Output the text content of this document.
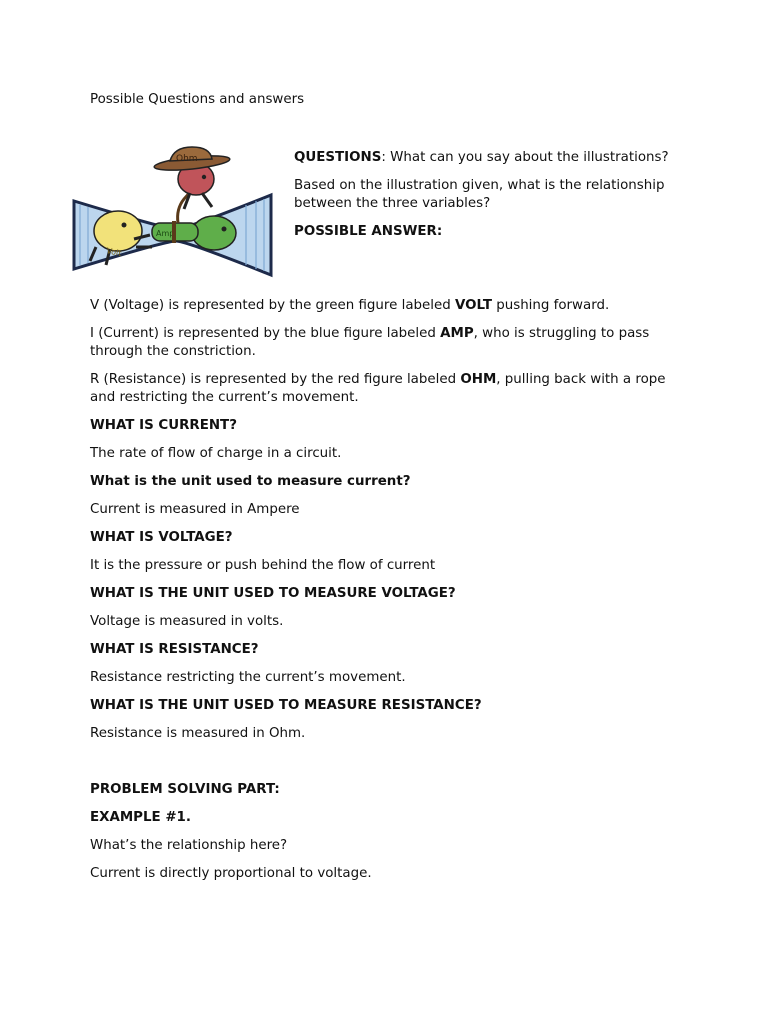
Possible Questions and answers
Volt
Amp
Ohm	QUESTIONS: What can you say about the illustrations?

Based on the illustration given, what is the relationship between the three variables?

POSSIBLE ANSWER:

V (Voltage) is represented by the green figure labeled VOLT pushing forward.

I (Current) is represented by the blue figure labeled AMP, who is struggling to pass through the constriction.

R (Resistance) is represented by the red figure labeled OHM, pulling back with a rope and restricting the current’s movement.

WHAT IS CURRENT?

The rate of flow of charge in a circuit.

What is the unit used to measure current?

Current is measured in Ampere

WHAT IS VOLTAGE?

It is the pressure or push behind the flow of current

WHAT IS THE UNIT USED TO MEASURE VOLTAGE?

Voltage is measured in volts.

WHAT IS RESISTANCE?

Resistance restricting the current’s movement.

WHAT IS THE UNIT USED TO MEASURE RESISTANCE?

Resistance is measured in Ohm.

PROBLEM SOLVING PART:

EXAMPLE #1.

What’s the relationship here?

Current is directly proportional to voltage.
